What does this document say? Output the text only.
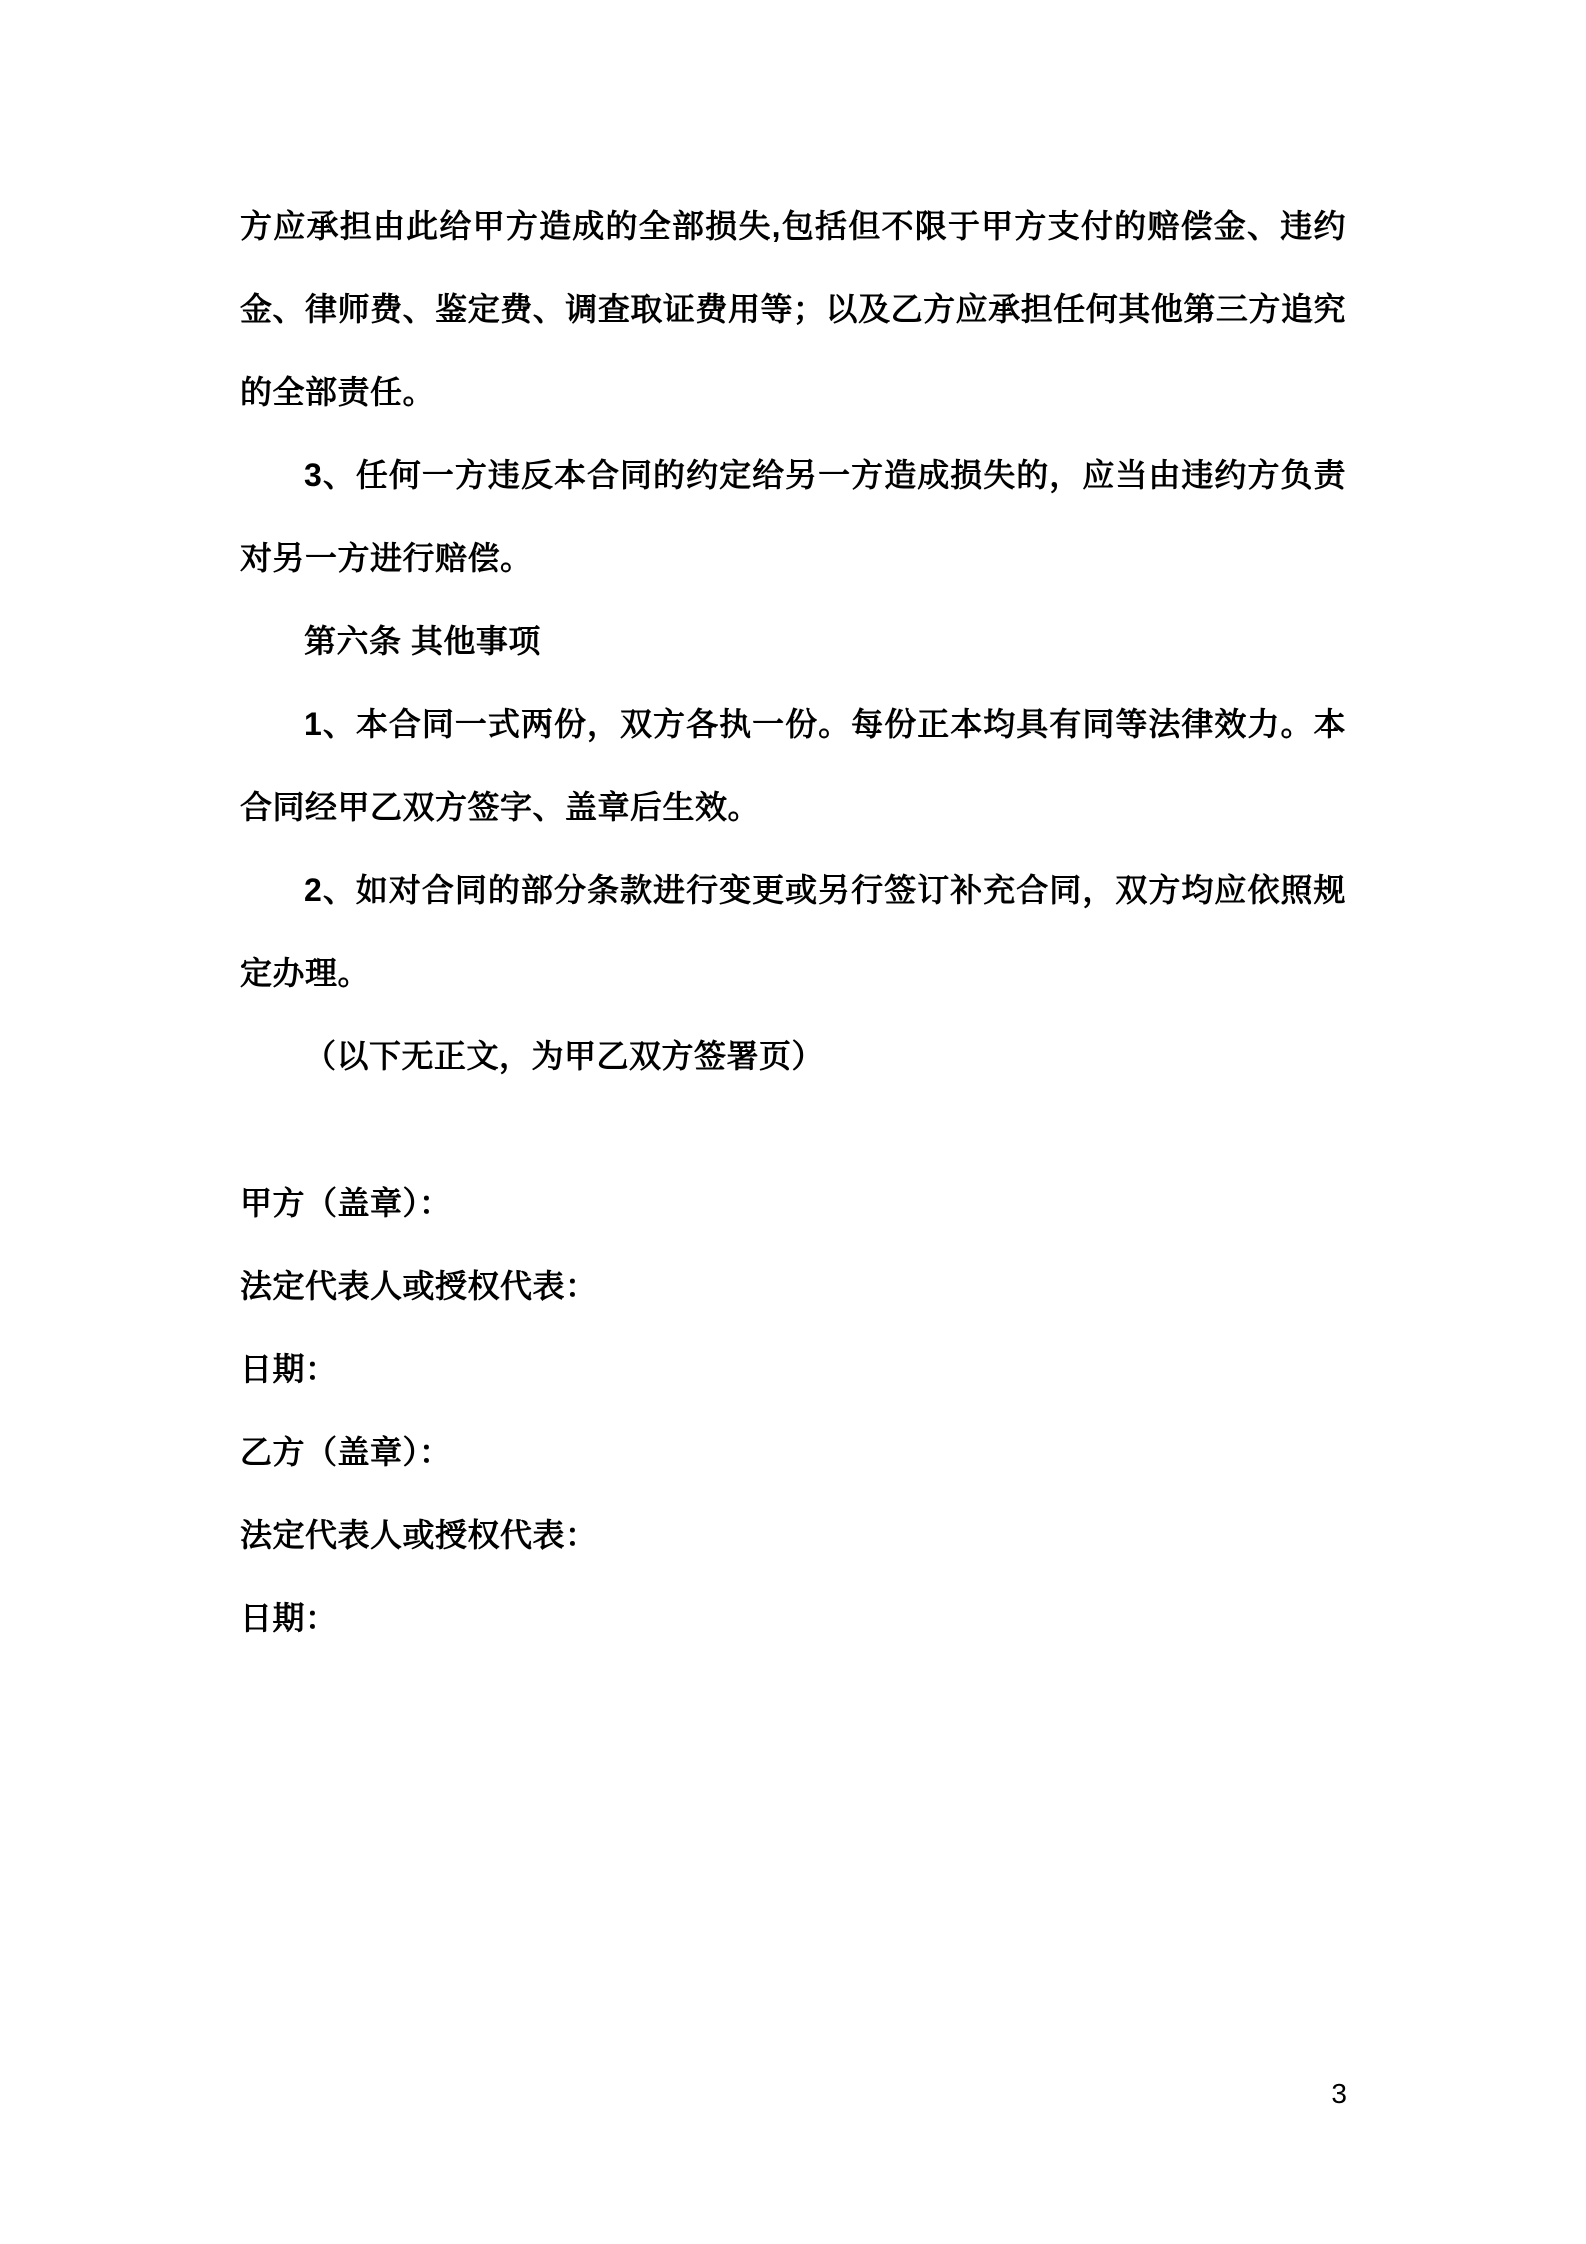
方应承担由此给甲方造成的全部损失,包括但不限于甲方支付的赔偿金、违约金、律师费、鉴定费、调查取证费用等；以及乙方应承担任何其他第三方追究的全部责任。

3、任何一方违反本合同的约定给另一方造成损失的，应当由违约方负责对另一方进行赔偿。

第六条 其他事项

1、本合同一式两份，双方各执一份。每份正本均具有同等法律效力。本合同经甲乙双方签字、盖章后生效。

2、如对合同的部分条款进行变更或另行签订补充合同，双方均应依照规定办理。

（以下无正文，为甲乙双方签署页）

甲方（盖章）：

法定代表人或授权代表：

日期：

乙方（盖章）：

法定代表人或授权代表：

日期：

3
